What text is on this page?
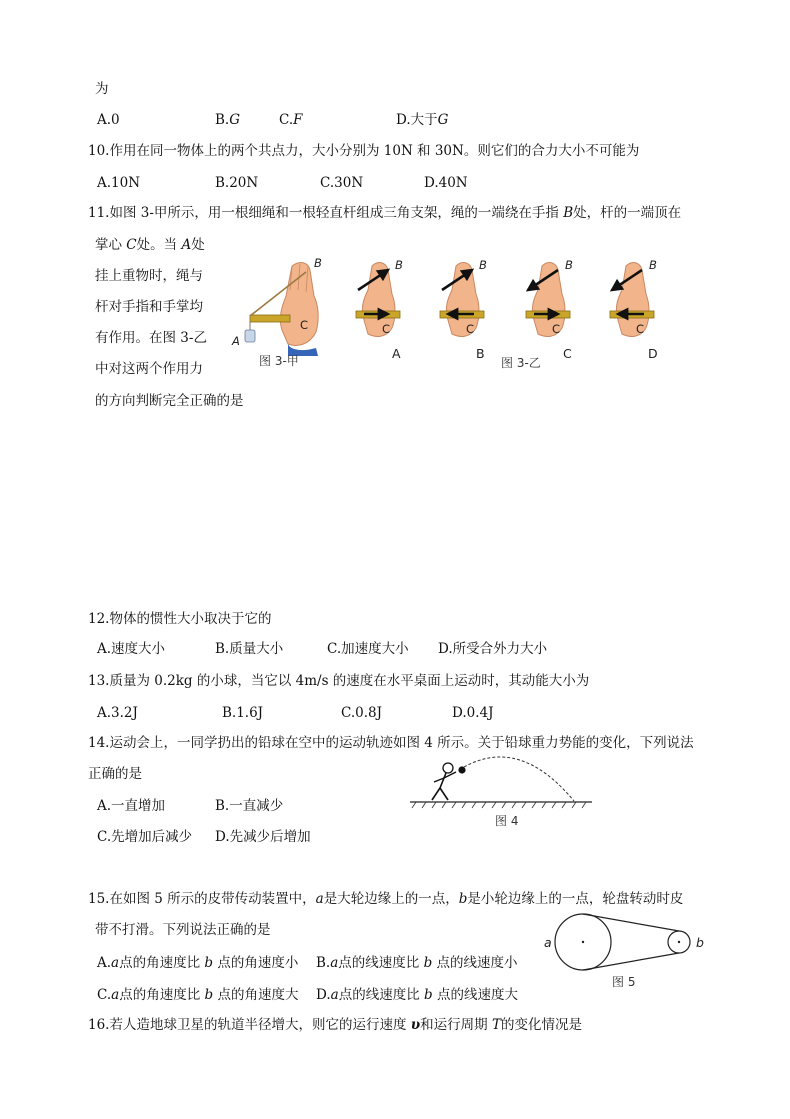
为
A.0	B.G	C.F	D.大于G
10.作用在同一物体上的两个共点力，大小分别为 10N 和 30N。则它们的合力大小不可能为
A.10N	B.20N	C.30N	D.40N
11.如图 3-甲所示，用一根细绳和一根轻直杆组成三角支架，绳的一端绕在手指 B处，杆的一端顶在
掌心 C处。当 A处
挂上重物时，绳与
杆对手指和手掌均
有作用。在图 3-乙
中对这两个作用力
的方向判断完全正确的是
B
C
A
图 3-甲
B
C
B
C
B
C
B
C
A	B	C	D
图 3-乙
12.物体的惯性大小取决于它的
A.速度大小	B.质量大小	C.加速度大小 D.所受合外力大小
13.质量为 0.2kg 的小球，当它以 4m/s 的速度在水平桌面上运动时，其动能大小为
A.3.2J	B.1.6J	C.0.8J	D.0.4J
14.运动会上，一同学扔出的铅球在空中的运动轨迹如图 4 所示。关于铅球重力势能的变化，下列说法
正确的是
A.一直增加	B.一直减少
C.先增加后减少 D.先减少后增加
图 4
15.在如图 5 所示的皮带传动装置中，a是大轮边缘上的一点，b是小轮边缘上的一点，轮盘转动时皮
带不打滑。下列说法正确的是
A.a点的角速度比 b 点的角速度小 B.a点的线速度比 b 点的线速度小
C.a点的角速度比 b 点的角速度大 D.a点的线速度比 b 点的线速度大
a	b
图 5
16.若人造地球卫星的轨道半径增大，则它的运行速度 υ和运行周期 T的变化情况是
